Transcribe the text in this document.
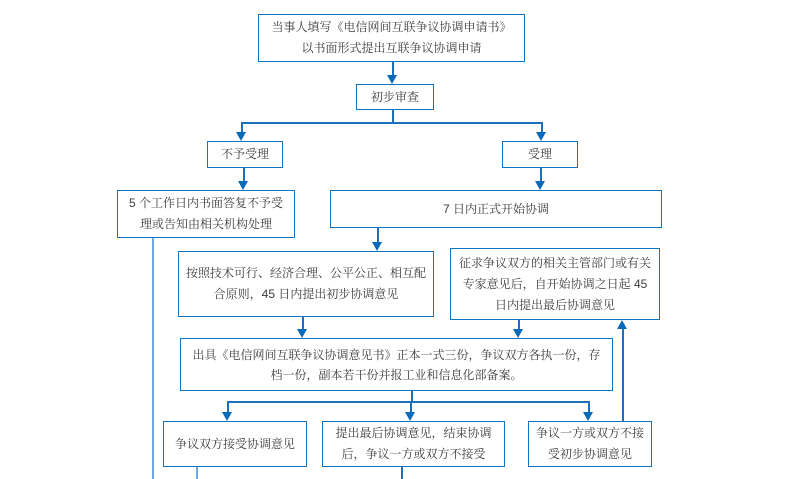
当事人填写《电信网间互联争议协调申请书》
以书面形式提出互联争议协调申请
初步审查
不予受理	受理
5 个工作日内书面答复不予受理或告知由相关机构处理
7 日内正式开始协调
按照技术可行、经济合理、公平公正、相互配合原则，45 日内提出初步协调意见
征求争议双方的相关主管部门或有关专家意见后，自开始协调之日起 45 日内提出最后协调意见
出具《电信网间互联争议协调意见书》正本一式三份，争议双方各执一份，存档一份，副本若干份并报工业和信息化部备案。
争议双方接受协调意见
提出最后协调意见，结束协调后，争议一方或双方不接受
争议一方或双方不接受初步协调意见
